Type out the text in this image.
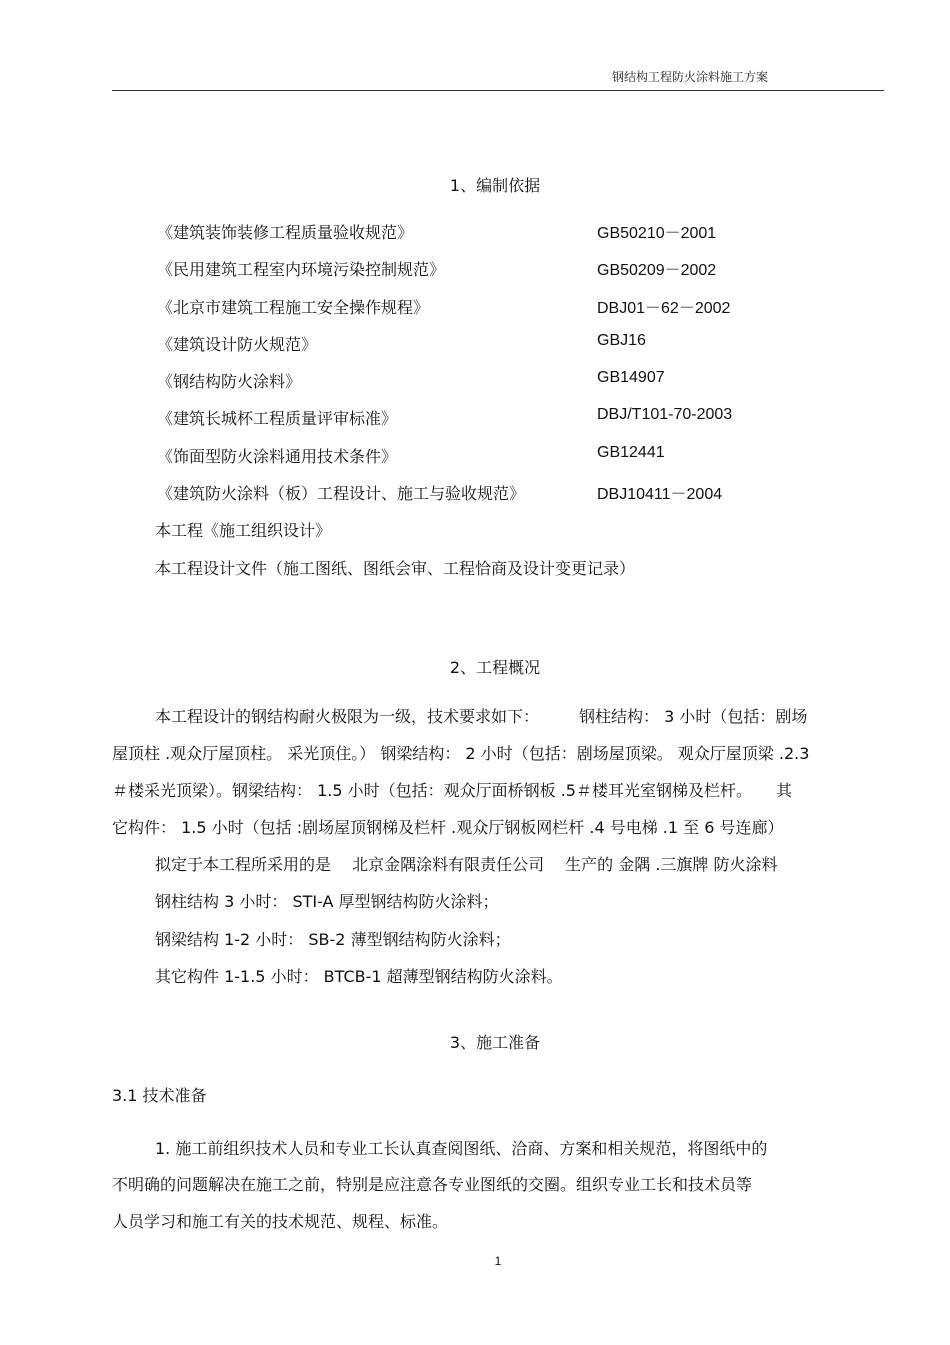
钢结构工程防火涂料施工方案
1、编制依据
《建筑装饰装修工程质量验收规范》	GB50210－2001
《民用建筑工程室内环境污染控制规范》	GB50209－2002
《北京市建筑工程施工安全操作规程》	DBJ01－62－2002
《建筑设计防火规范》	GBJ16
《钢结构防火涂料》	GB14907
《建筑长城杯工程质量评审标准》	DBJ/T101-70-2003
《饰面型防火涂料通用技术条件》	GB12441
《建筑防火涂料（板）工程设计、施工与验收规范》	DBJ10411－2004
本工程《施工组织设计》
本工程设计文件（施工图纸、图纸会审、工程恰商及设计变更记录）
2、工程概况
本工程设计的钢结构耐火极限为一级，技术要求如下：　　　钢柱结构： 3 小时（包括：剧场
屋顶柱 .观众厅屋顶柱。 采光顶住。） 钢梁结构： 2 小时（包括：剧场屋顶梁。 观众厅屋顶梁 .2.3
＃楼采光顶梁）。钢梁结构： 1.5 小时（包括：观众厅面桥钢板 .5＃楼耳光室钢梯及栏杆。　　其
它构件： 1.5 小时（包括 :剧场屋顶钢梯及栏杆 .观众厅钢板网栏杆 .4 号电梯 .1 至 6 号连廊）
拟定于本工程所采用的是　 北京金隅涂料有限责任公司　 生产的 金隅 .三旗牌 防火涂料
钢柱结构 3 小时： STI-A 厚型钢结构防火涂料；
钢梁结构 1-2 小时： SB-2 薄型钢结构防火涂料；
其它构件 1-1.5 小时： BTCB-1 超薄型钢结构防火涂料。
3、施工准备
3.1 技术准备
1. 施工前组织技术人员和专业工长认真查阅图纸、洽商、方案和相关规范，将图纸中的
不明确的问题解决在施工之前，特别是应注意各专业图纸的交圈。组织专业工长和技术员等
人员学习和施工有关的技术规范、规程、标准。
1
